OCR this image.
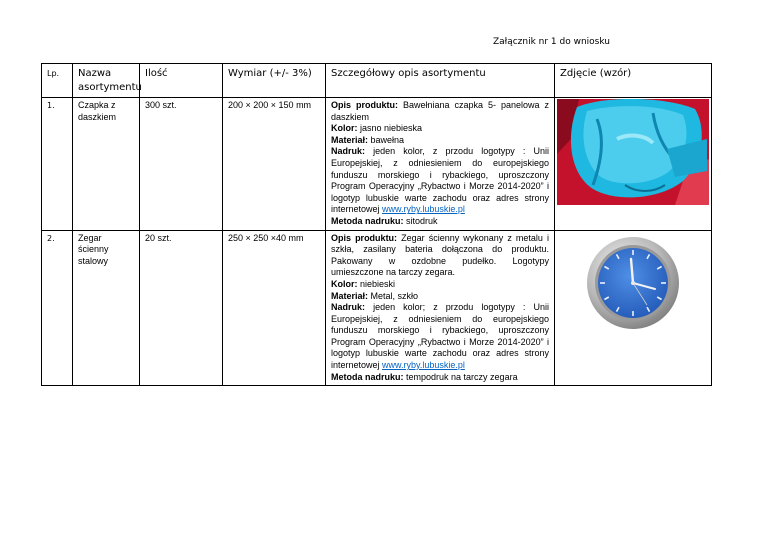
Załącznik nr 1 do wniosku
Lp.	Nazwa asortymentu	Ilość	Wymiar (+/- 3%)	Szczegółowy opis asortymentu	Zdjęcie (wzór)
1.	Czapka z daszkiem	300 szt.	200 × 200 × 150 mm	Opis produktu: Bawełniana czapka 5- panelowa z daszkiem
Kolor: jasno niebieska
Materiał: bawełna
Nadruk: jeden kolor, z przodu logotypy : Unii Europejskiej, z odniesieniem do europejskiego funduszu morskiego i rybackiego, uproszczony Program Operacyjny „Rybactwo i Morze 2014-2020” i logotyp lubuskie warte zachodu oraz adres strony internetowej www.ryby.lubuskie.pl
Metoda nadruku: sitodruk	

2.	Zegar ścienny stalowy	20 szt.	250 × 250 ×40 mm	Opis produktu: Zegar ścienny wykonany z metalu i szkła, zasilany bateria dołączona do produktu. Pakowany w ozdobne pudełko. Logotypy umieszczone na tarczy zegara.
Kolor: niebieski
Materiał: Metal, szkło
Nadruk: jeden kolor; z przodu logotypy : Unii Europejskiej, z odniesieniem do europejskiego funduszu morskiego i rybackiego, uproszczony Program Operacyjny „Rybactwo i Morze 2014-2020” i logotyp lubuskie warte zachodu oraz adres strony internetowej www.ryby.lubuskie.pl
Metoda nadruku: tempodruk na tarczy zegara	
